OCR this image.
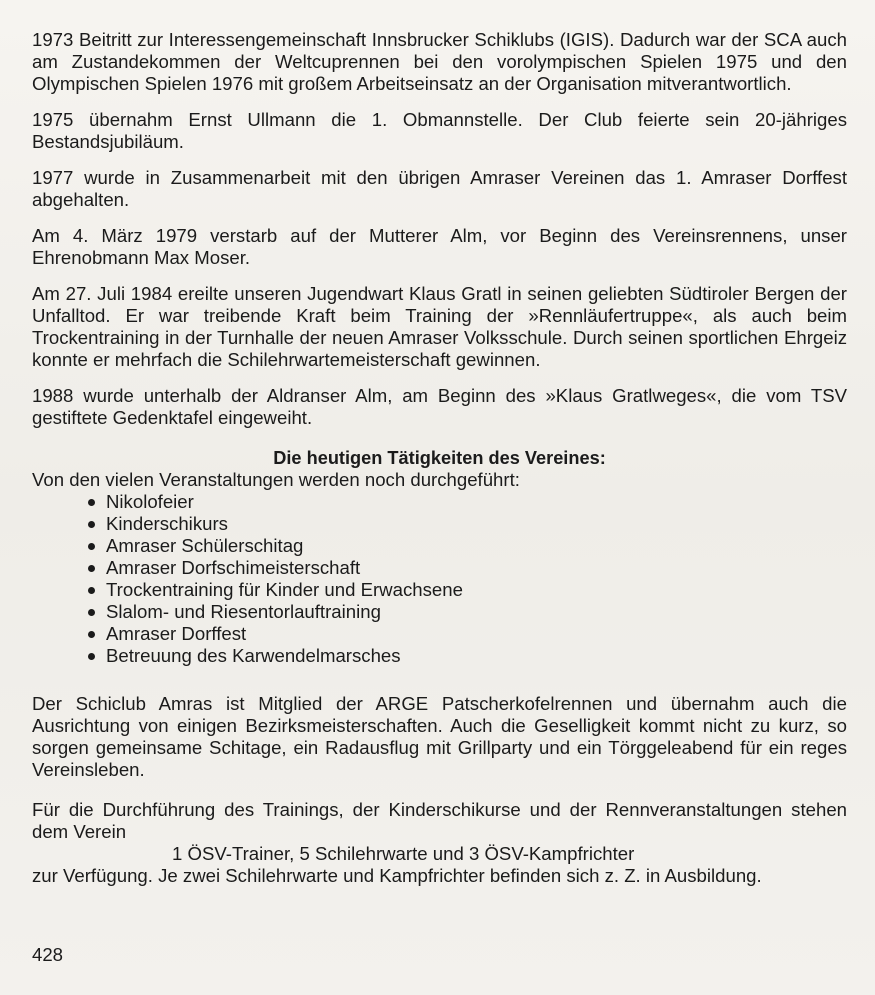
1973 Beitritt zur Interessengemeinschaft Innsbrucker Schiklubs (IGIS). Dadurch war der SCA auch am Zustandekommen der Weltcuprennen bei den vorolympischen Spielen 1975 und den Olympischen Spielen 1976 mit großem Arbeitseinsatz an der Organisation mitverantwortlich.

1975 übernahm Ernst Ullmann die 1. Obmannstelle. Der Club feierte sein 20-jähriges Bestandsjubiläum.

1977 wurde in Zusammenarbeit mit den übrigen Amraser Vereinen das 1. Amraser Dorffest abgehalten.

Am 4. März 1979 verstarb auf der Mutterer Alm, vor Beginn des Vereinsrennens, unser Ehrenobmann Max Moser.

Am 27. Juli 1984 ereilte unseren Jugendwart Klaus Gratl in seinen geliebten Südtiroler Bergen der Unfalltod. Er war treibende Kraft beim Training der »Rennläufertruppe«, als auch beim Trockentraining in der Turnhalle der neuen Amraser Volksschule. Durch seinen sportlichen Ehrgeiz konnte er mehrfach die Schilehrwartemeisterschaft gewinnen.

1988 wurde unterhalb der Aldranser Alm, am Beginn des »Klaus Gratlweges«, die vom TSV gestiftete Gedenktafel eingeweiht.

Die heutigen Tätigkeiten des Vereines:

Von den vielen Veranstaltungen werden noch durchgeführt:

Nikolofeier
Kinderschikurs
Amraser Schülerschitag
Amraser Dorfschimeisterschaft
Trockentraining für Kinder und Erwachsene
Slalom- und Riesentorlauftraining
Amraser Dorffest
Betreuung des Karwendelmarsches

Der Schiclub Amras ist Mitglied der ARGE Patscherkofelrennen und übernahm auch die Ausrichtung von einigen Bezirksmeisterschaften. Auch die Geselligkeit kommt nicht zu kurz, so sorgen gemeinsame Schitage, ein Radausflug mit Grillparty und ein Törggeleabend für ein reges Vereinsleben.

Für die Durchführung des Trainings, der Kinderschikurse und der Rennveranstaltungen stehen dem Verein

1 ÖSV-Trainer, 5 Schilehrwarte und 3 ÖSV-Kampfrichter

zur Verfügung. Je zwei Schilehrwarte und Kampfrichter befinden sich z. Z. in Ausbildung.

428
